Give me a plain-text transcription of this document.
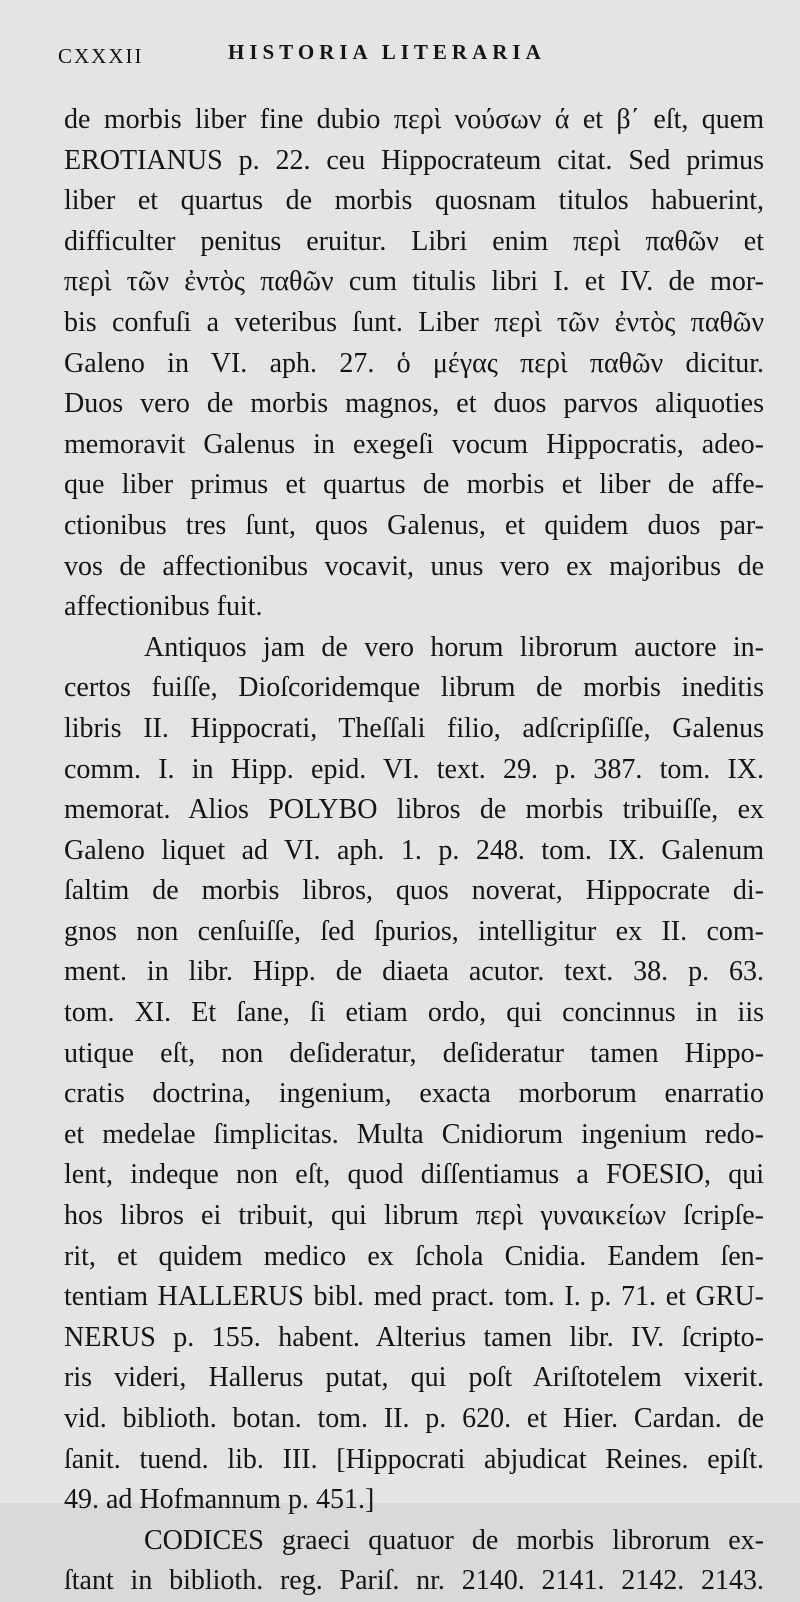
CXXXII	HISTORIA LITERARIA
de morbis liber fine dubio περὶ νούσων ά et β΄ eſt, quem
EROTIANUS p. 22. ceu Hippocrateum citat. Sed primus
liber et quartus de morbis quosnam titulos habuerint,
difficulter penitus eruitur. Libri enim περὶ παθῶν et
περὶ τῶν ἐντὸς παθῶν cum titulis libri I. et IV. de mor-
bis confuſi a veteribus ſunt. Liber περὶ τῶν ἐντὸς παθῶν
Galeno in VI. aph. 27. ὁ μέγας περὶ παθῶν dicitur.
Duos vero de morbis magnos, et duos parvos aliquoties
memoravit Galenus in exegeſi vocum Hippocratis, adeo-
que liber primus et quartus de morbis et liber de affe-
ctionibus tres ſunt, quos Galenus, et quidem duos par-
vos de affectionibus vocavit, unus vero ex majoribus de
affectionibus fuit.
Antiquos jam de vero horum librorum auctore in-
certos fuiſſe, Dioſcoridemque librum de morbis ineditis
libris II. Hippocrati, Theſſali filio, adſcripſiſſe, Galenus
comm. I. in Hipp. epid. VI. text. 29. p. 387. tom. IX.
memorat. Alios POLYBO libros de morbis tribuiſſe, ex
Galeno liquet ad VI. aph. 1. p. 248. tom. IX. Galenum
ſaltim de morbis libros, quos noverat, Hippocrate di-
gnos non cenſuiſſe, ſed ſpurios, intelligitur ex II. com-
ment. in libr. Hipp. de diaeta acutor. text. 38. p. 63.
tom. XI. Et ſane, ſi etiam ordo, qui concinnus in iis
utique eſt, non deſideratur, deſideratur tamen Hippo-
cratis doctrina, ingenium, exacta morborum enarratio
et medelae ſimplicitas. Multa Cnidiorum ingenium redo-
lent, indeque non eſt, quod diſſentiamus a FOESIO, qui
hos libros ei tribuit, qui librum περὶ γυναικείων ſcripſe-
rit, et quidem medico ex ſchola Cnidia. Eandem ſen-
tentiam HALLERUS bibl. med pract. tom. I. p. 71. et GRU-
NERUS p. 155. habent. Alterius tamen libr. IV. ſcripto-
ris videri, Hallerus putat, qui poſt Ariſtotelem vixerit.
vid. biblioth. botan. tom. II. p. 620. et Hier. Cardan. de
ſanit. tuend. lib. III. [Hippocrati abjudicat Reines. epiſt.
49. ad Hofmannum p. 451.]
CODICES graeci quatuor de morbis librorum ex-
ſtant in biblioth. reg. Pariſ. nr. 2140. 2141. 2142. 2143.
